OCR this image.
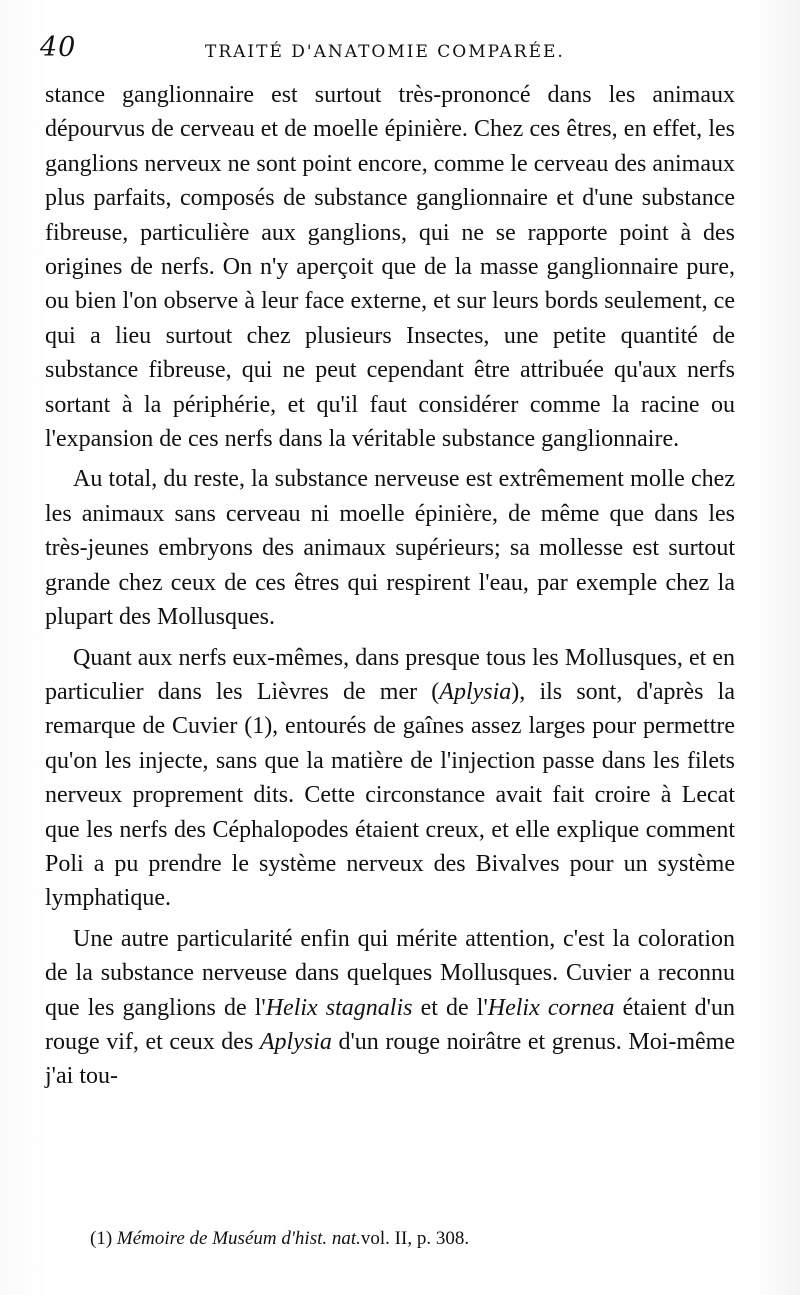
40	TRAITÉ D'ANATOMIE COMPARÉE.

stance ganglionnaire est surtout très-prononcé dans les animaux dépourvus de cerveau et de moelle épinière. Chez ces êtres, en effet, les ganglions nerveux ne sont point encore, comme le cerveau des animaux plus parfaits, composés de substance ganglionnaire et d'une substance fibreuse, particulière aux ganglions, qui ne se rapporte point à des origines de nerfs. On n'y aperçoit que de la masse ganglionnaire pure, ou bien l'on observe à leur face externe, et sur leurs bords seulement, ce qui a lieu surtout chez plusieurs Insectes, une petite quantité de substance fibreuse, qui ne peut cependant être attribuée qu'aux nerfs sortant à la périphérie, et qu'il faut considérer comme la racine ou l'expansion de ces nerfs dans la véritable substance ganglionnaire.

Au total, du reste, la substance nerveuse est extrêmement molle chez les animaux sans cerveau ni moelle épinière, de même que dans les très-jeunes embryons des animaux supérieurs; sa mollesse est surtout grande chez ceux de ces êtres qui respirent l'eau, par exemple chez la plupart des Mollusques.

Quant aux nerfs eux-mêmes, dans presque tous les Mollusques, et en particulier dans les Lièvres de mer (Aplysia), ils sont, d'après la remarque de Cuvier (1), entourés de gaînes assez larges pour permettre qu'on les injecte, sans que la matière de l'injection passe dans les filets nerveux proprement dits. Cette circonstance avait fait croire à Lecat que les nerfs des Céphalopodes étaient creux, et elle explique comment Poli a pu prendre le système nerveux des Bivalves pour un système lymphatique.

Une autre particularité enfin qui mérite attention, c'est la coloration de la substance nerveuse dans quelques Mollusques. Cuvier a reconnu que les ganglions de l'Helix stagnalis et de l'Helix cornea étaient d'un rouge vif, et ceux des Aplysia d'un rouge noirâtre et grenus. Moi-même j'ai tou-

(1) Mémoire de Muséum d'hist. nat.vol. II, p. 308.
